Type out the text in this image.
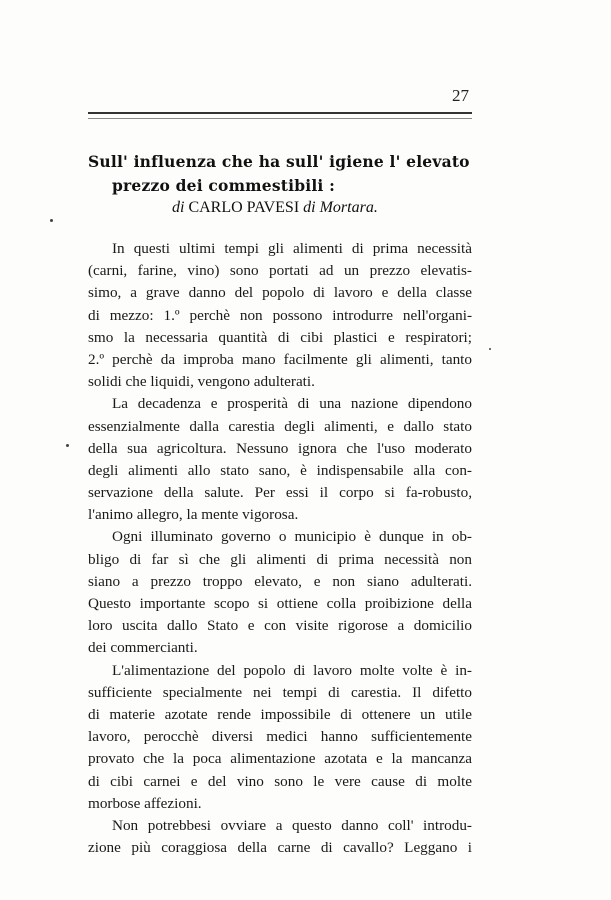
27
Sull' influenza che ha sull' igiene l' elevato
prezzo dei commestibili :
di CARLO PAVESI di Mortara.
In questi ultimi tempi gli alimenti di prima necessità
(carni, farine, vino) sono portati ad un prezzo elevatis-
simo, a grave danno del popolo di lavoro e della classe
di mezzo: 1.º perchè non possono introdurre nell'organi-
smo la necessaria quantità di cibi plastici e respiratori;
2.º perchè da improba mano facilmente gli alimenti, tanto
solidi che liquidi, vengono adulterati.
La decadenza e prosperità di una nazione dipendono
essenzialmente dalla carestia degli alimenti, e dallo stato
della sua agricoltura. Nessuno ignora che l'uso moderato
degli alimenti allo stato sano, è indispensabile alla con-
servazione della salute. Per essi il corpo si fa-robusto,
l'animo allegro, la mente vigorosa.
Ogni illuminato governo o municipio è dunque in ob-
bligo di far sì che gli alimenti di prima necessità non
siano a prezzo troppo elevato, e non siano adulterati.
Questo importante scopo si ottiene colla proibizione della
loro uscita dallo Stato e con visite rigorose a domicilio
dei commercianti.
L'alimentazione del popolo di lavoro molte volte è in-
sufficiente specialmente nei tempi di carestia. Il difetto
di materie azotate rende impossibile di ottenere un utile
lavoro, perocchè diversi medici hanno sufficientemente
provato che la poca alimentazione azotata e la mancanza
di cibi carnei e del vino sono le vere cause di molte
morbose affezioni.
Non potrebbesi ovviare a questo danno coll' introdu-
zione più coraggiosa della carne di cavallo? Leggano i
